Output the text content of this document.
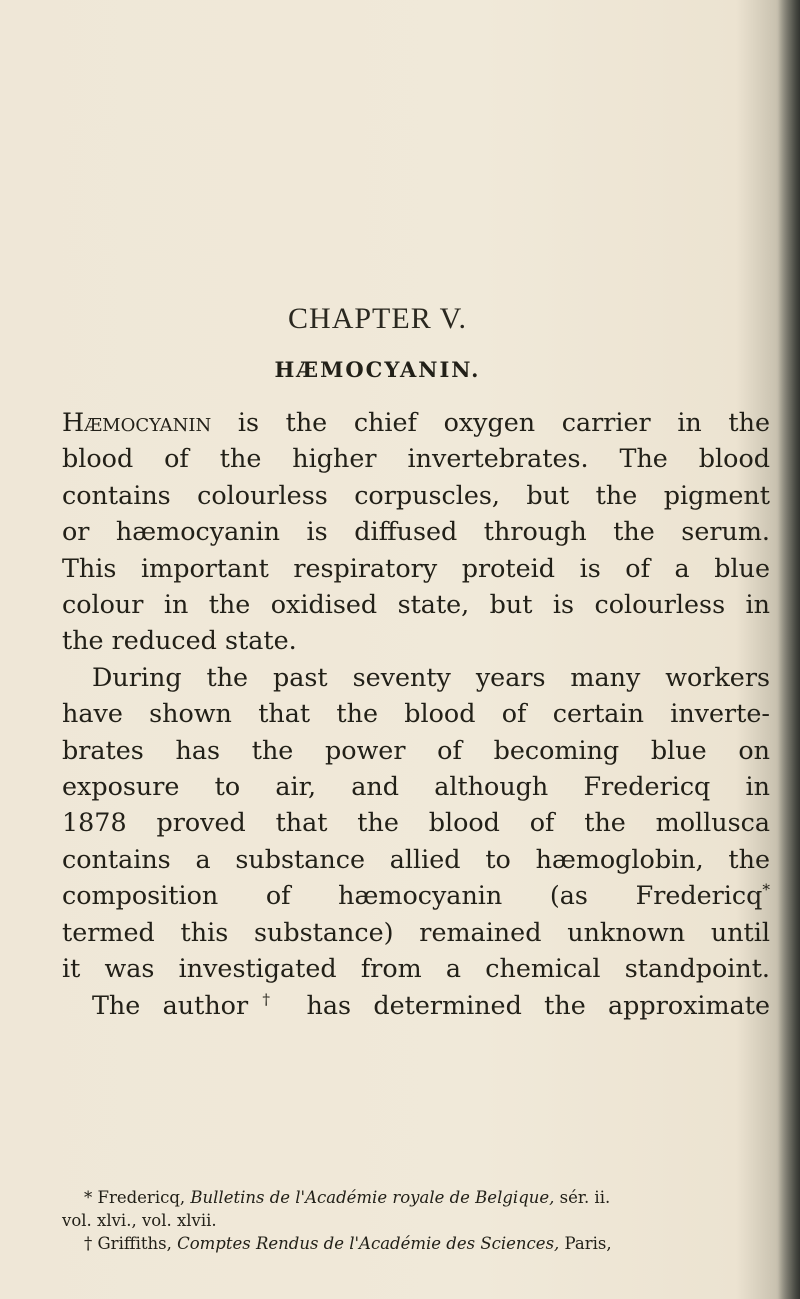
CHAPTER V.
HÆMOCYANIN.
Hæmocyanin is the chief oxygen carrier in the
blood of the higher invertebrates. The blood
contains colourless corpuscles, but the pigment
or hæmocyanin is diffused through the serum.
This important respiratory proteid is of a blue
colour in the oxidised state, but is colourless in
the reduced state.
During the past seventy years many workers
have shown that the blood of certain inverte-
brates has the power of becoming blue on
exposure to air, and although Fredericq in
1878 proved that the blood of the mollusca
contains a substance allied to hæmoglobin, the
composition of hæmocyanin (as Fredericq*
termed this substance) remained unknown until
it was investigated from a chemical standpoint.
The author† has determined the approximate
* Fredericq, Bulletins de l'Académie royale de Belgique, sér. ii.
vol. xlvi., vol. xlvii.
† Griffiths, Comptes Rendus de l'Académie des Sciences, Paris,
